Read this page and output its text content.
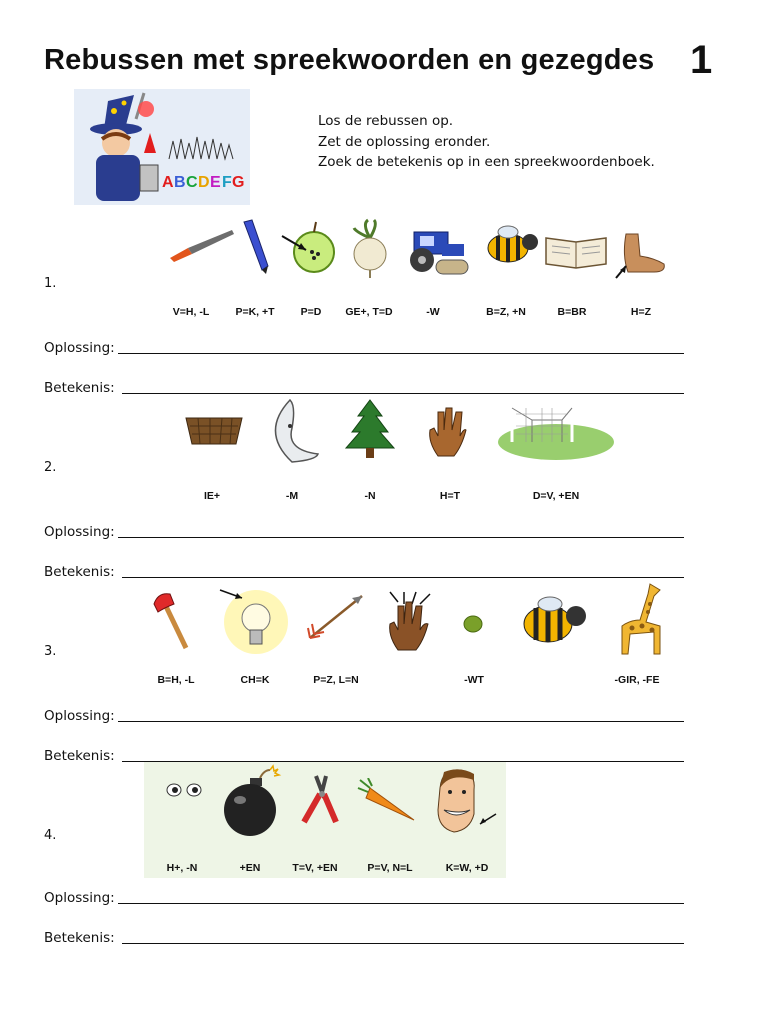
Rebussen met spreekwoorden en gezegdes 1
A B C D E F G
Los de rebussen op.
Zet de oplossing eronder.
Zoek de betekenis op in een spreekwoordenboek.
1.
V=H, -L P=K, +T P=D GE+, T=D	-W	B=Z, +N	B=BR	H=Z
Oplossing:
Betekenis:
2.
IE+	-M	-N	H=T	D=V, +EN
Oplossing:
Betekenis:
3.
B=H, -L	CH=K	P=Z, L=N	-WT	-GIR, -FE
Oplossing:
Betekenis:
4.
H+, -N	+EN	T=V, +EN	P=V, N=L	K=W, +D
Oplossing:
Betekenis:
